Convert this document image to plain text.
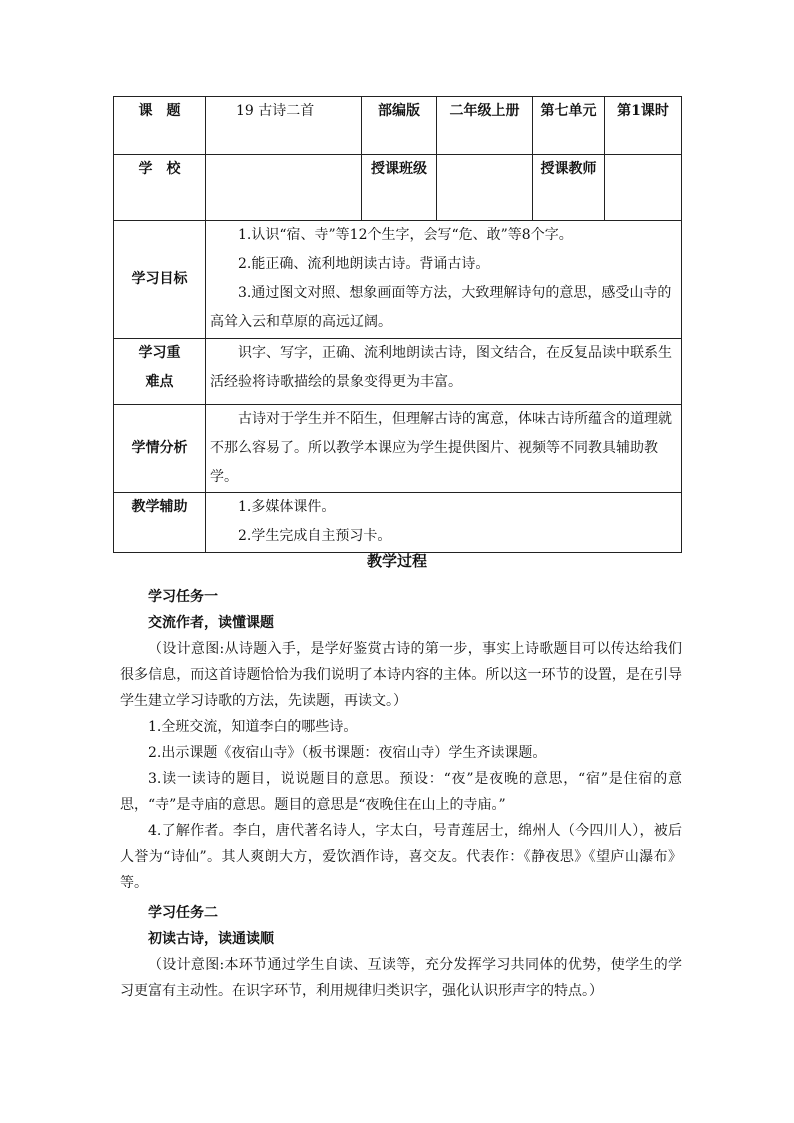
课　题	19 古诗二首	部编版	二年级上册	第七单元	第1课时
学　校		授课班级		授课教师	
学习目标	1.认识“宿、寺”等12个生字，会写“危、敢”等8个字。

2.能正确、流利地朗读古诗。背诵古诗。

3.通过图文对照、想象画面等方法，大致理解诗句的意思，感受山寺的高耸入云和草原的高远辽阔。				

学习重难点	识字、写字，正确、流利地朗读古诗，图文结合，在反复品读中联系生活经验将诗歌描绘的景象变得更为丰富。				
学情分析	古诗对于学生并不陌生，但理解古诗的寓意，体味古诗所蕴含的道理就不那么容易了。所以教学本课应为学生提供图片、视频等不同教具辅助教学。				
教学辅助	1.多媒体课件。

2.学生完成自主预习卡。				

教学过程

学习任务一

交流作者，读懂课题

（设计意图:从诗题入手，是学好鉴赏古诗的第一步，事实上诗歌题目可以传达给我们很多信息，而这首诗题恰恰为我们说明了本诗内容的主体。所以这一环节的设置，是在引导学生建立学习诗歌的方法，先读题，再读文。）

1.全班交流，知道李白的哪些诗。

2.出示课题《夜宿山寺》（板书课题：夜宿山寺）学生齐读课题。

3.读一读诗的题目，说说题目的意思。预设：“夜”是夜晚的意思，“宿”是住宿的意思，“寺”是寺庙的意思。题目的意思是“夜晚住在山上的寺庙。”

4.了解作者。李白，唐代著名诗人，字太白，号青莲居士，绵州人（今四川人），被后人誉为“诗仙”。其人爽朗大方，爱饮酒作诗，喜交友。代表作：《静夜思》《望庐山瀑布》等。

学习任务二

初读古诗，读通读顺

（设计意图:本环节通过学生自读、互读等，充分发挥学习共同体的优势，使学生的学习更富有主动性。在识字环节，利用规律归类识字，强化认识形声字的特点。）
